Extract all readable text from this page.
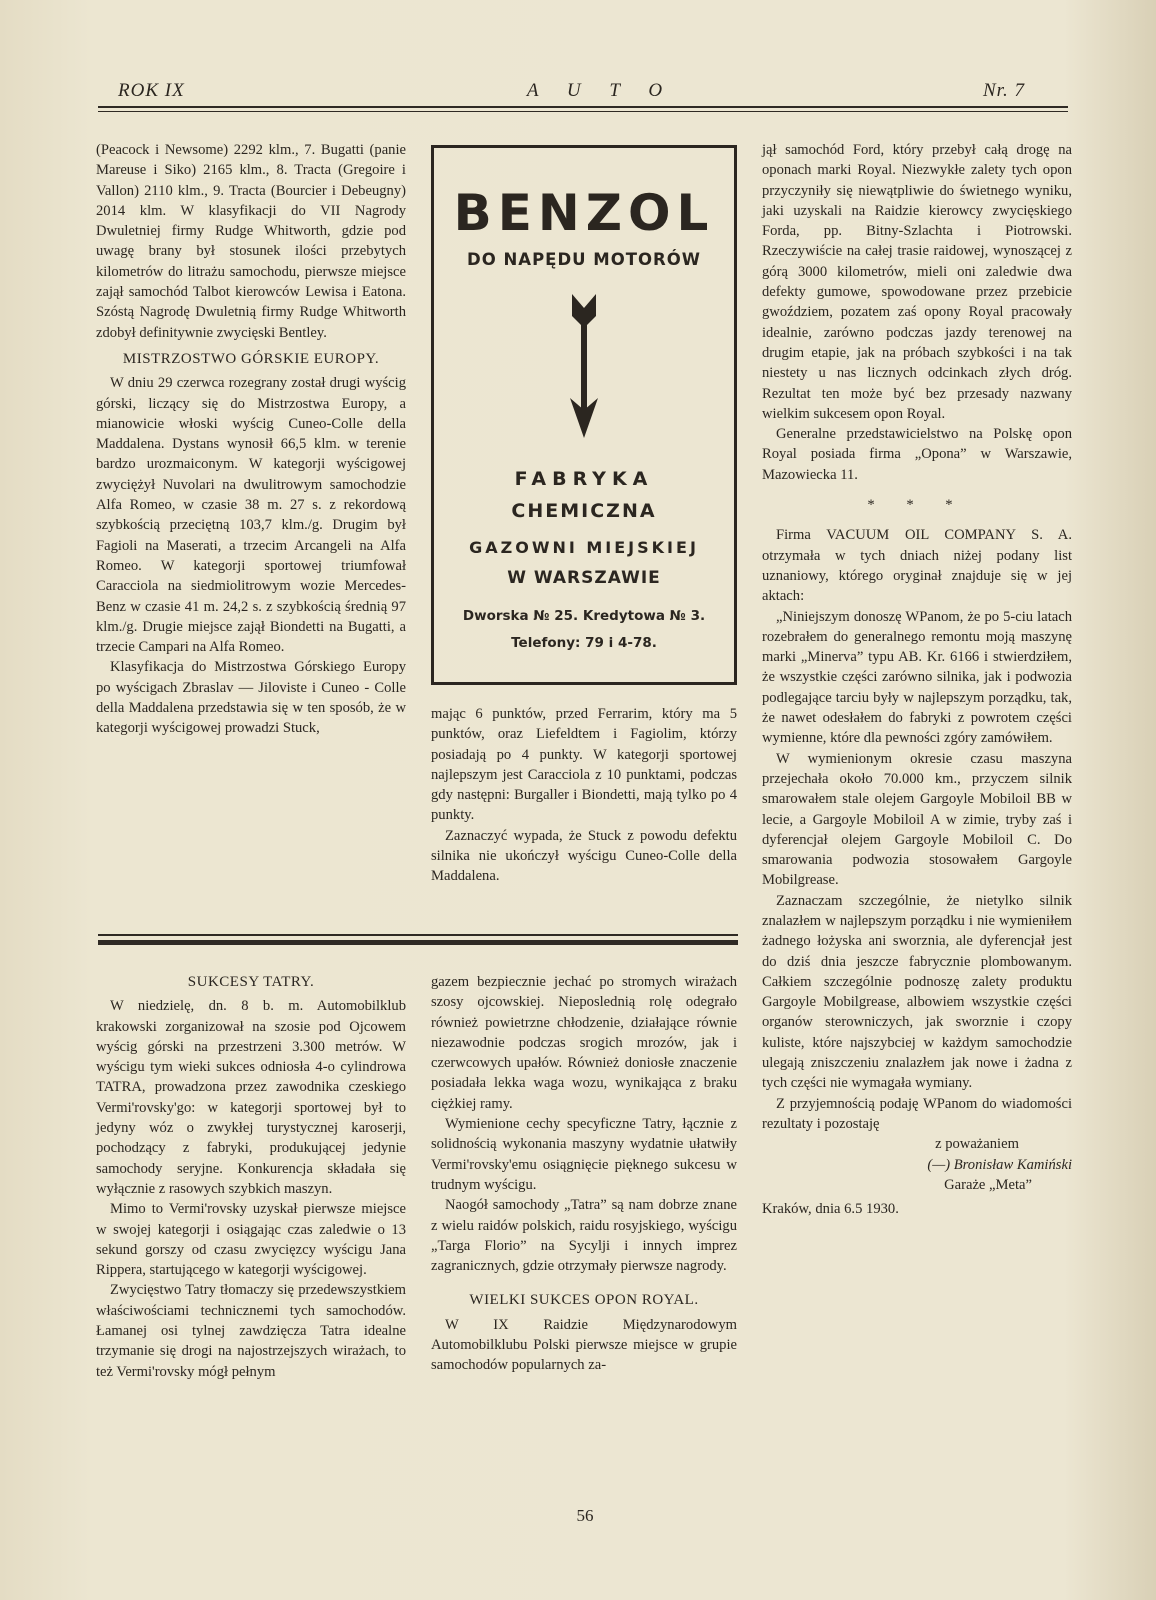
ROK IX	A U T O	Nr. 7

(Peacock i Newsome) 2292 klm., 7. Bugatti (panie Mareuse i Siko) 2165 klm., 8. Tracta (Gregoire i Vallon) 2110 klm., 9. Tracta (Bourcier i Debeugny) 2014 klm. W klasyfikacji do VII Nagrody Dwuletniej firmy Rudge Whitworth, gdzie pod uwagę brany był stosunek ilości przebytych kilometrów do litrażu samochodu, pierwsze miejsce zajął samochód Talbot kierowców Lewisa i Eatona. Szóstą Nagrodę Dwuletnią firmy Rudge Whitworth zdobył definitywnie zwycięski Bentley.

MISTRZOSTWO GÓRSKIE EUROPY.

W dniu 29 czerwca rozegrany został drugi wyścig górski, liczący się do Mistrzostwa Europy, a mianowicie włoski wyścig Cuneo-Colle della Maddalena. Dystans wynosił 66,5 klm. w terenie bardzo urozmaiconym. W kategorji wyścigowej zwyciężył Nuvolari na dwulitrowym samochodzie Alfa Romeo, w czasie 38 m. 27 s. z rekordową szybkością przeciętną 103,7 klm./g. Drugim był Fagioli na Maserati, a trzecim Arcangeli na Alfa Romeo. W kategorji sportowej triumfował Caracciola na siedmiolitrowym wozie Mercedes-Benz w czasie 41 m. 24,2 s. z szybkością średnią 97 klm./g. Drugie miejsce zajął Biondetti na Bugatti, a trzecie Campari na Alfa Romeo.

Klasyfikacja do Mistrzostwa Górskiego Europy po wyścigach Zbraslav — Jiloviste i Cuneo - Colle della Maddalena przedstawia się w ten sposób, że w kategorji wyścigowej prowadzi Stuck,

BENZOL
DO NAPĘDU MOTORÓW
FABRYKA
CHEMICZNA
GAZOWNI MIEJSKIEJ
W WARSZAWIE
Dworska № 25. Kredytowa № 3.
Telefony: 79 i 4-78.

mając 6 punktów, przed Ferrarim, który ma 5 punktów, oraz Liefeldtem i Fagiolim, którzy posiadają po 4 punkty. W kategorji sportowej najlepszym jest Caracciola z 10 punktami, podczas gdy następni: Burgaller i Biondetti, mają tylko po 4 punkty.

Zaznaczyć wypada, że Stuck z powodu defektu silnika nie ukończył wyścigu Cuneo-Colle della Maddalena.

jął samochód Ford, który przebył całą drogę na oponach marki Royal. Niezwykłe zalety tych opon przyczyniły się niewątpliwie do świetnego wyniku, jaki uzyskali na Raidzie kierowcy zwycięskiego Forda, pp. Bitny-Szlachta i Piotrowski. Rzeczywiście na całej trasie raidowej, wynoszącej z górą 3000 kilometrów, mieli oni zaledwie dwa defekty gumowe, spowodowane przez przebicie gwoździem, pozatem zaś opony Royal pracowały idealnie, zarówno podczas jazdy terenowej na drugim etapie, jak na próbach szybkości i na tak niestety u nas licznych odcinkach złych dróg. Rezultat ten może być bez przesady nazwany wielkim sukcesem opon Royal.

Generalne przedstawicielstwo na Polskę opon Royal posiada firma „Opona” w Warszawie, Mazowiecka 11.

* * *

Firma VACUUM OIL COMPANY S. A. otrzymała w tych dniach niżej podany list uznaniowy, którego oryginał znajduje się w jej aktach:

„Niniejszym donoszę WPanom, że po 5-ciu latach rozebrałem do generalnego remontu moją maszynę marki „Minerva” typu AB. Kr. 6166 i stwierdziłem, że wszystkie części zarówno silnika, jak i podwozia podlegające tarciu były w najlepszym porządku, tak, że nawet odesłałem do fabryki z powrotem części wymienne, które dla pewności zgóry zamówiłem.

W wymienionym okresie czasu maszyna przejechała około 70.000 km., przyczem silnik smarowałem stale olejem Gargoyle Mobiloil BB w lecie, a Gargoyle Mobiloil A w zimie, tryby zaś i dyferencjał olejem Gargoyle Mobiloil C. Do smarowania podwozia stosowałem Gargoyle Mobilgrease.

Zaznaczam szczególnie, że nietylko silnik znalazłem w najlepszym porządku i nie wymieniłem żadnego łożyska ani sworznia, ale dyferencjał jest do dziś dnia jeszcze fabrycznie plombowanym. Całkiem szczególnie podnoszę zalety produktu Gargoyle Mobilgrease, albowiem wszystkie części organów sterowniczych, jak sworznie i czopy kuliste, które najszybciej w każdym samochodzie ulegają zniszczeniu znalazłem jak nowe i żadna z tych części nie wymagała wymiany.

Z przyjemnością podaję WPanom do wiadomości rezultaty i pozostaję

z poważaniem
(—) Bronisław Kamiński
Garaże „Meta”
Kraków, dnia 6.5 1930.
SUKCESY TATRY.

W niedzielę, dn. 8 b. m. Automobilklub krakowski zorganizował na szosie pod Ojcowem wyścig górski na przestrzeni 3.300 metrów. W wyścigu tym wieki sukces odniosła 4-o cylindrowa TATRA, prowadzona przez zawodnika czeskiego Vermi'rovsky'go: w kategorji sportowej był to jedyny wóz o zwykłej turystycznej karoserji, pochodzący z fabryki, produkującej jedynie samochody seryjne. Konkurencja składała się wyłącznie z rasowych szybkich maszyn.

Mimo to Vermi'rovsky uzyskał pierwsze miejsce w swojej kategorji i osiągając czas zaledwie o 13 sekund gorszy od czasu zwycięzcy wyścigu Jana Rippera, startującego w kategorji wyścigowej.

Zwycięstwo Tatry tłomaczy się przedewszystkiem właściwościami technicznemi tych samochodów. Łamanej osi tylnej zawdzięcza Tatra idealne trzymanie się drogi na najostrzejszych wirażach, to też Vermi'rovsky mógł pełnym

gazem bezpiecznie jechać po stromych wirażach szosy ojcowskiej. Nieposlednią rolę odegrało również powietrzne chłodzenie, działające równie niezawodnie podczas srogich mrozów, jak i czerwcowych upałów. Również doniosłe znaczenie posiadała lekka waga wozu, wynikająca z braku ciężkiej ramy.

Wymienione cechy specyficzne Tatry, łącznie z solidnością wykonania maszyny wydatnie ułatwiły Vermi'rovsky'emu osiągnięcie pięknego sukcesu w trudnym wyścigu.

Naogół samochody „Tatra” są nam dobrze znane z wielu raidów polskich, raidu rosyjskiego, wyścigu „Targa Florio” na Sycylji i innych imprez zagranicznych, gdzie otrzymały pierwsze nagrody.

WIELKI SUKCES OPON ROYAL.

W IX Raidzie Międzynarodowym Automobilklubu Polski pierwsze miejsce w grupie samochodów popularnych za-

56
